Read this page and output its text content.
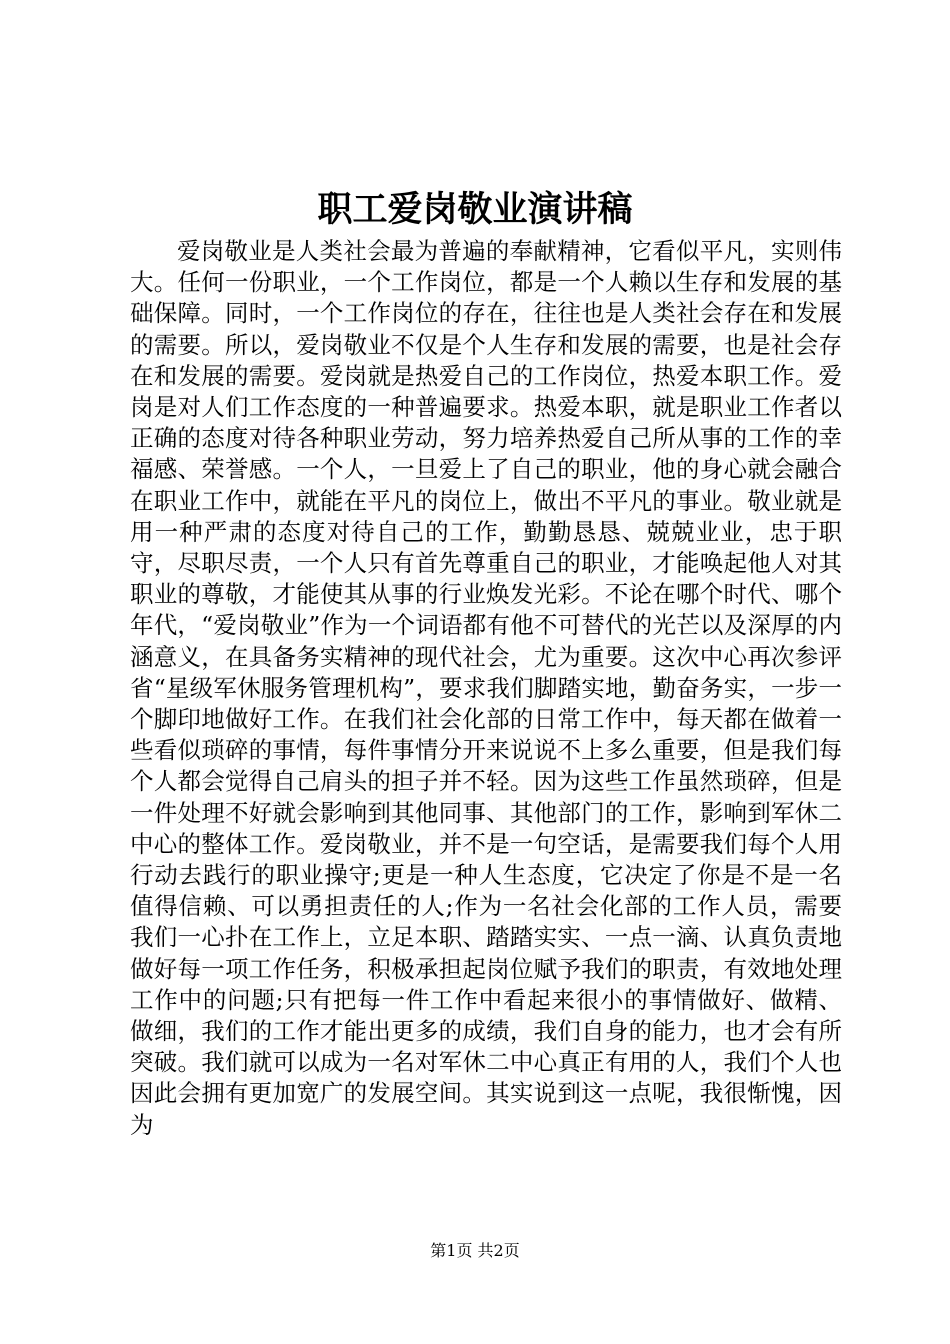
职工爱岗敬业演讲稿

爱岗敬业是人类社会最为普遍的奉献精神，它看似平凡，实则伟大。任何一份职业，一个工作岗位，都是一个人赖以生存和发展的基础保障。同时，一个工作岗位的存在，往往也是人类社会存在和发展的需要。所以，爱岗敬业不仅是个人生存和发展的需要，也是社会存在和发展的需要。爱岗就是热爱自己的工作岗位，热爱本职工作。爱岗是对人们工作态度的一种普遍要求。热爱本职，就是职业工作者以正确的态度对待各种职业劳动，努力培养热爱自己所从事的工作的幸福感、荣誉感。一个人，一旦爱上了自己的职业，他的身心就会融合在职业工作中，就能在平凡的岗位上，做出不平凡的事业。敬业就是用一种严肃的态度对待自己的工作，勤勤恳恳、兢兢业业，忠于职守，尽职尽责，一个人只有首先尊重自己的职业，才能唤起他人对其职业的尊敬，才能使其从事的行业焕发光彩。不论在哪个时代、哪个年代，“爱岗敬业”作为一个词语都有他不可替代的光芒以及深厚的内涵意义，在具备务实精神的现代社会，尤为重要。这次中心再次参评省“星级军休服务管理机构”，要求我们脚踏实地，勤奋务实，一步一个脚印地做好工作。在我们社会化部的日常工作中，每天都在做着一些看似琐碎的事情，每件事情分开来说说不上多么重要，但是我们每个人都会觉得自己肩头的担子并不轻。因为这些工作虽然琐碎，但是一件处理不好就会影响到其他同事、其他部门的工作，影响到军休二中心的整体工作。爱岗敬业，并不是一句空话，是需要我们每个人用行动去践行的职业操守;更是一种人生态度，它决定了你是不是一名值得信赖、可以勇担责任的人;作为一名社会化部的工作人员，需要我们一心扑在工作上，立足本职、踏踏实实、一点一滴、认真负责地做好每一项工作任务，积极承担起岗位赋予我们的职责，有效地处理工作中的问题;只有把每一件工作中看起来很小的事情做好、做精、做细，我们的工作才能出更多的成绩，我们自身的能力，也才会有所突破。我们就可以成为一名对军休二中心真正有用的人，我们个人也因此会拥有更加宽广的发展空间。其实说到这一点呢，我很惭愧，因为

第1页 共2页
